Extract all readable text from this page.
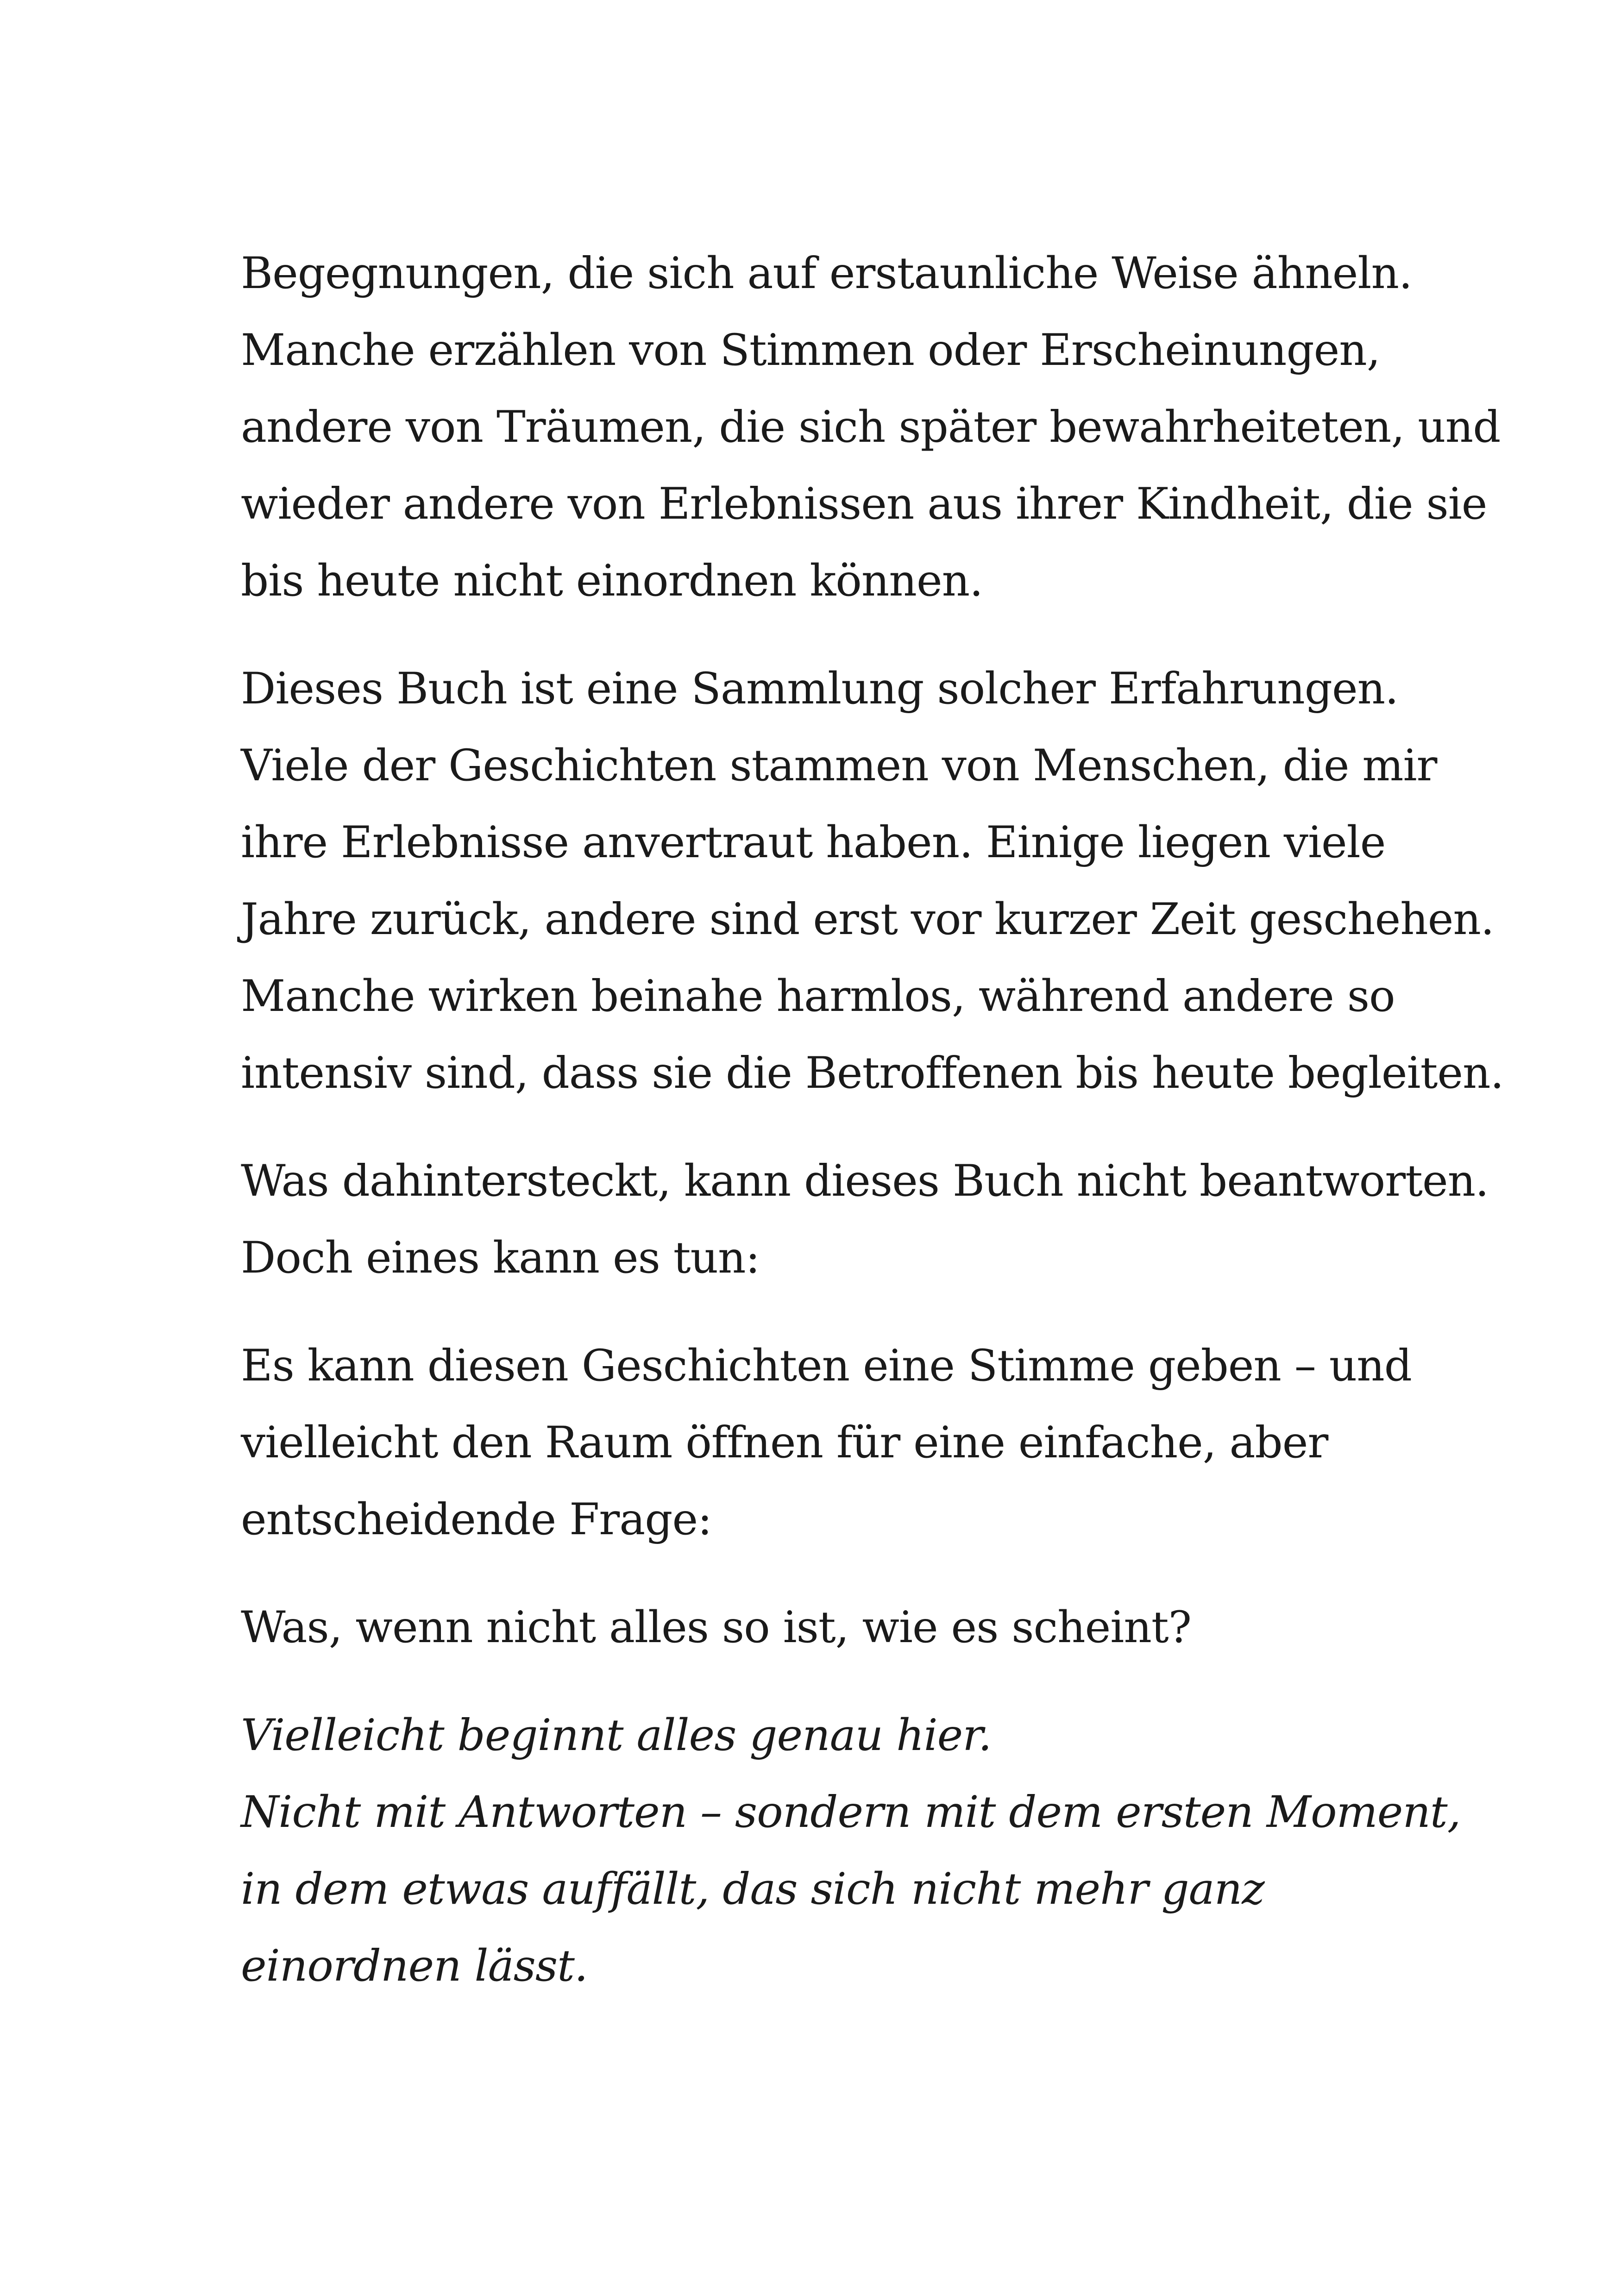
Begegnungen, die sich auf erstaunliche Weise ähneln.
Manche erzählen von Stimmen oder Erscheinungen,
andere von Träumen, die sich später bewahrheiteten, und
wieder andere von Erlebnissen aus ihrer Kindheit, die sie
bis heute nicht einordnen können.

Dieses Buch ist eine Sammlung solcher Erfahrungen.
Viele der Geschichten stammen von Menschen, die mir
ihre Erlebnisse anvertraut haben. Einige liegen viele
Jahre zurück, andere sind erst vor kurzer Zeit geschehen.
Manche wirken beinahe harmlos, während andere so
intensiv sind, dass sie die Betroffenen bis heute begleiten.

Was dahintersteckt, kann dieses Buch nicht beantworten.
Doch eines kann es tun:

Es kann diesen Geschichten eine Stimme geben – und
vielleicht den Raum öffnen für eine einfache, aber
entscheidende Frage:

Was, wenn nicht alles so ist, wie es scheint?

Vielleicht beginnt alles genau hier.
Nicht mit Antworten – sondern mit dem ersten Moment,
in dem etwas auffällt, das sich nicht mehr ganz
einordnen lässt.
